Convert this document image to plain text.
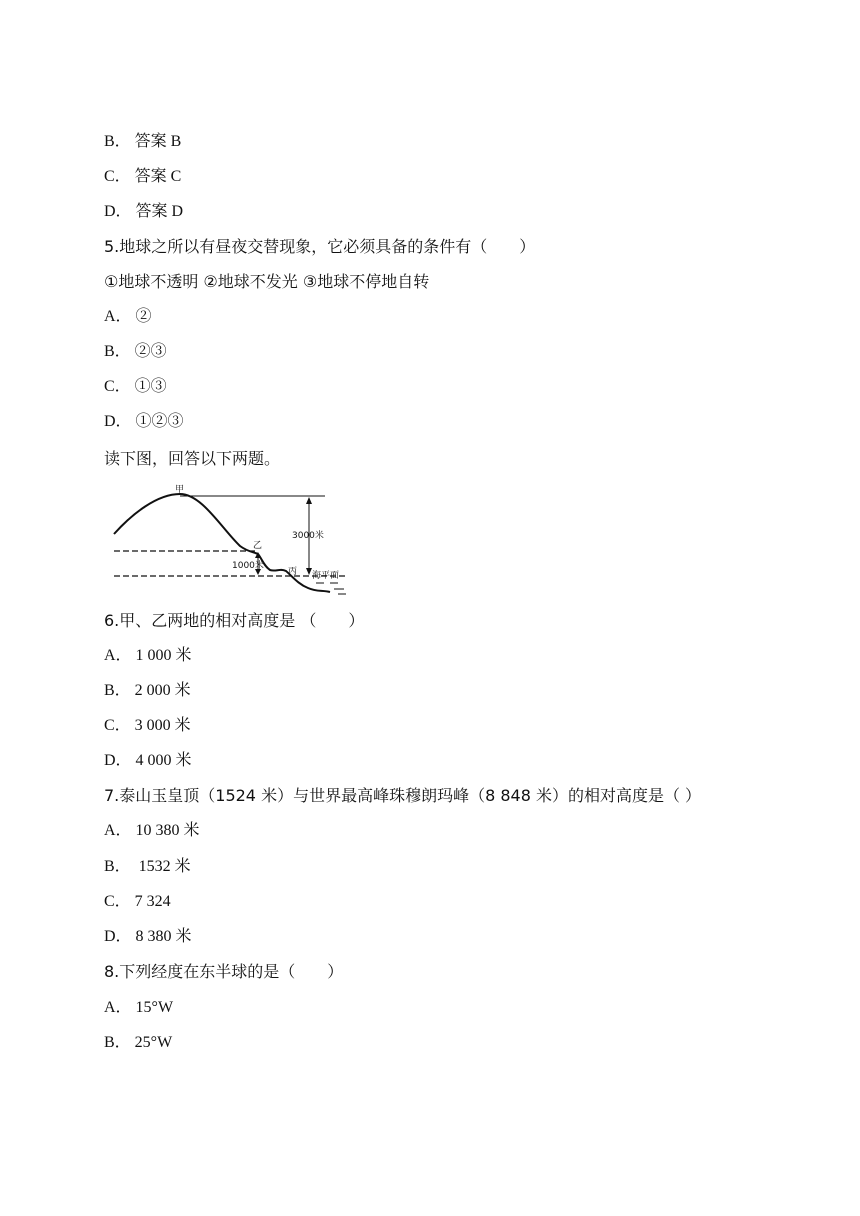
B． 答案 B
C． 答案 C
D． 答案 D
5.地球之所以有昼夜交替现象，它必须具备的条件有（　　）
①地球不透明 ②地球不发光 ③地球不停地自转
A． ②
B． ②③
C． ①③
D． ①②③
读下图，回答以下两题。
甲
乙
丙
3000米
1000米
海平面
6.甲、乙两地的相对高度是 （　　）
A． 1 000 米
B． 2 000 米
C． 3 000 米
D． 4 000 米
7.泰山玉皇顶（1524 米）与世界最高峰珠穆朗玛峰（8 848 米）的相对高度是（ ）
A． 10 380 米
B．  1532 米
C． 7 324
D． 8 380 米
8.下列经度在东半球的是（　　）
A． 15°W
B． 25°W
